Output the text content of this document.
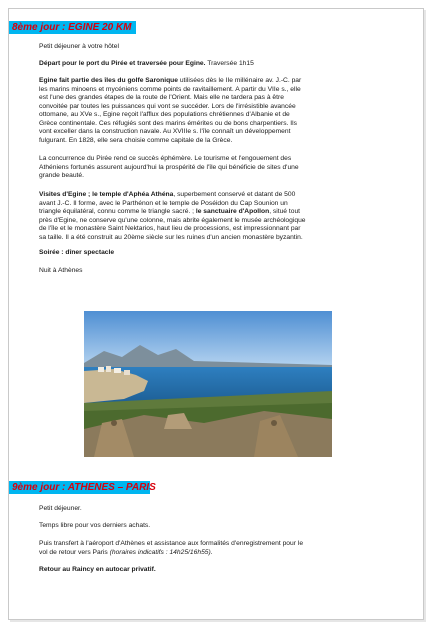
8ème jour : EGINE 20 KM
Petit déjeuner à votre hôtel
Départ pour le port du Pirée et traversée pour Egine. Traversée 1h15
Egine fait partie des îles du golfe Saronique utilisées dès le IIe millénaire av. J.-C. par
les marins minoens et mycéniens comme points de ravitaillement. A partir du VIIe s., elle
est l'une des grandes étapes de la route de l'Orient. Mais elle ne tardera pas à être
convoitée par toutes les puissances qui vont se succéder. Lors de l'irrésistible avancée
ottomane, au XVe s., Egine reçoit l'afflux des populations chrétiennes d'Albanie et de
Grèce continentale. Ces réfugiés sont des marins émérites ou de bons charpentiers. Ils
vont exceller dans la construction navale. Au XVIIIe s. l'île connaît un développement
fulgurant. En 1828, elle sera choisie comme capitale de la Grèce.
La concurrence du Pirée rend ce succès éphémère. Le tourisme et l'engouement des
Athéniens fortunés assurent aujourd'hui la prospérité de l'île qui bénéficie de sites d'une
grande beauté.
Visites d'Egine ; le temple d'Aphéa Athéna, superbement conservé et datant de 500
avant J.-C. Il forme, avec le Parthénon et le temple de Poséidon du Cap Sounion un
triangle équilatéral, connu comme le triangle sacré. ; le sanctuaire d'Apollon, situé tout
près d'Egine, ne conserve qu'une colonne, mais abrite également le musée archéologique
de l'île et le monastère Saint Nektarios, haut lieu de processions, est impressionnant par
sa taille. Il a été construit au 20ème siècle sur les ruines d'un ancien monastère byzantin.
Soirée : dîner spectacle
Nuit à Athènes
9ème jour : ATHENES – PARIS
Petit déjeuner.
Temps libre pour vos derniers achats.
Puis transfert à l'aéroport d'Athènes et assistance aux formalités d'enregistrement pour le
vol de retour vers Paris (horaires indicatifs : 14h25/16h55).
Retour au Raincy en autocar privatif.
